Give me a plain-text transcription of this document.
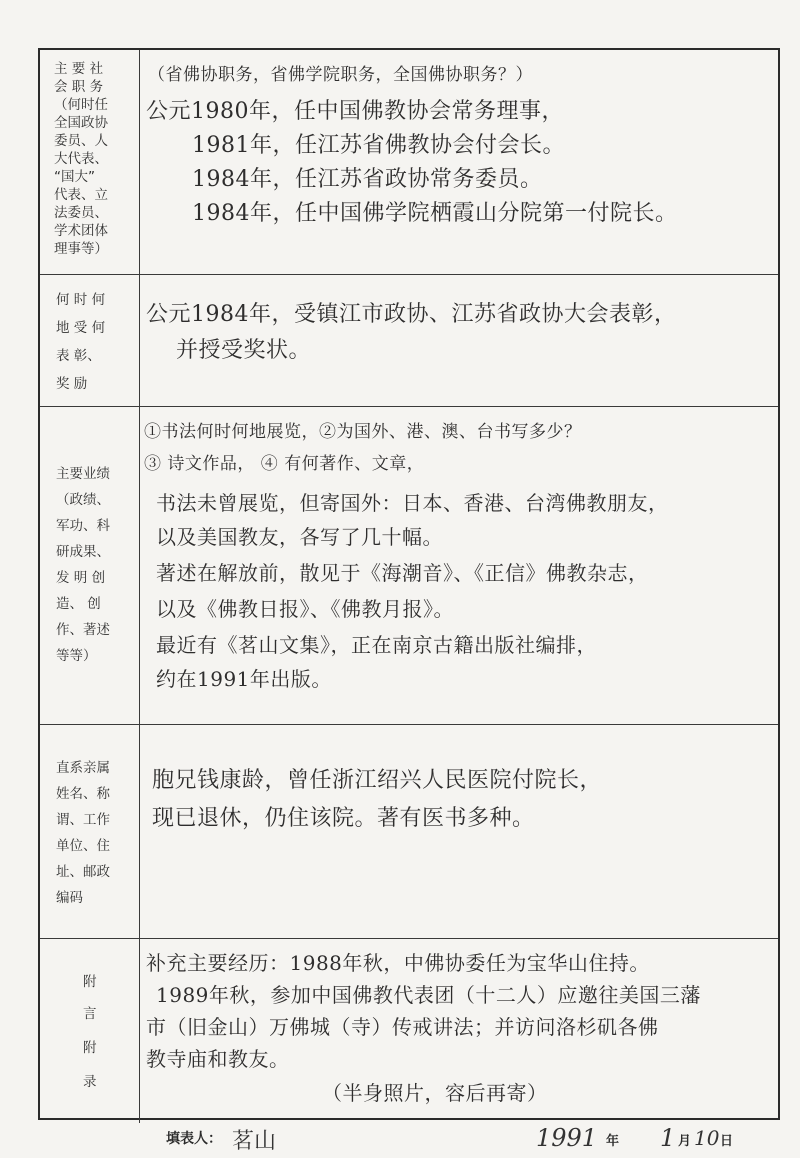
主 要 社
会 职 务
（何时任
全国政协
委员、人
大代表、
“国大”
代表、立
法委员、
学术团体
理事等）
（省佛协职务，省佛学院职务，全国佛协职务？）
公元1980年，任中国佛教协会常务理事，
1981年，任江苏省佛教协会付会长。
1984年，任江苏省政协常务委员。
1984年，任中国佛学院栖霞山分院第一付院长。
何 时 何
地 受 何
表 彰、
奖 励
公元1984年，受镇江市政协、江苏省政协大会表彰，
并授受奖状。
主要业绩
（政绩、
军功、科
研成果、
发 明 创
造、 创
作、著述
等等）
①书法何时何地展览，②为国外、港、澳、台书写多少？
③ 诗文作品， ④ 有何著作、文章，
书法未曾展览，但寄国外：日本、香港、台湾佛教朋友，
以及美国教友，各写了几十幅。
著述在解放前，散见于《海潮音》、《正信》佛教杂志，
以及《佛教日报》、《佛教月报》。
最近有《茗山文集》，正在南京古籍出版社编排，
约在1991年出版。
直系亲属
姓名、称
谓、工作
单位、住
址、邮政
编码
胞兄钱康龄，曾任浙江绍兴人民医院付院长，
现已退休，仍住该院。著有医书多种。
附
言
附
录
补充主要经历：1988年秋，中佛协委任为宝华山住持。
1989年秋，参加中国佛教代表团（十二人）应邀往美国三藩
市（旧金山）万佛城（寺）传戒讲法；并访问洛杉矶各佛
教寺庙和教友。
（半身照片，容后再寄）
填表人： 茗山	1991 年 1 月 10 日
